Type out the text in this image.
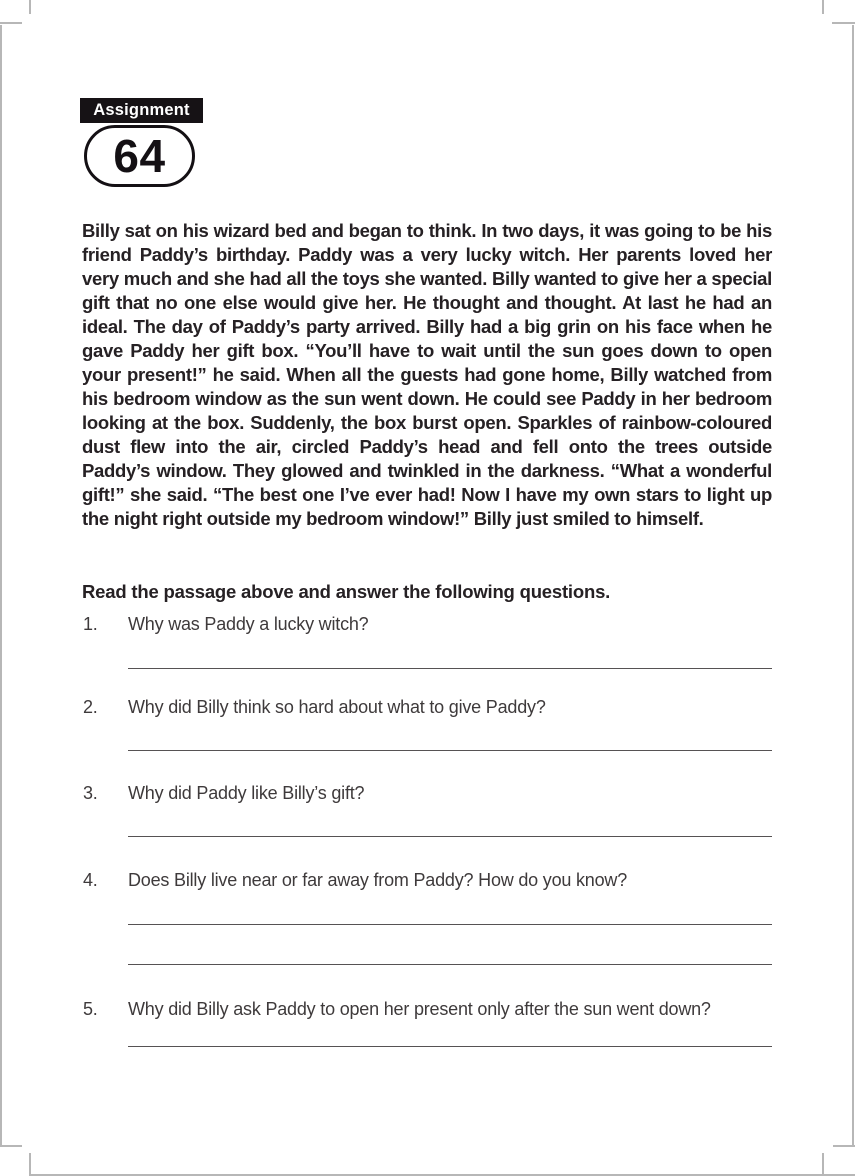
Assignment
64
Billy sat on his wizard bed and began to think. In two days, it was going to be his friend Paddy’s birthday. Paddy was a very lucky witch. Her parents loved her very much and she had all the toys she wanted. Billy wanted to give her a special gift that no one else would give her. He thought and thought. At last he had an ideal. The day of Paddy’s party arrived. Billy had a big grin on his face when he gave Paddy her gift box. “You’ll have to wait until the sun goes down to open your present!” he said. When all the guests had gone home, Billy watched from his bedroom window as the sun went down. He could see Paddy in her bedroom looking at the box. Suddenly, the box burst open. Sparkles of rainbow-coloured dust flew into the air, circled Paddy’s head and fell onto the trees outside Paddy’s window. They glowed and twinkled in the darkness. “What a wonderful gift!” she said. “The best one I’ve ever had! Now I have my own stars to light up the night right outside my bedroom window!” Billy just smiled to himself.
Read the passage above and answer the following questions.
1.	Why was Paddy a lucky witch?
2.	Why did Billy think so hard about what to give Paddy?
3.	Why did Paddy like Billy’s gift?
4.	Does Billy live near or far away from Paddy? How do you know?
5.	Why did Billy ask Paddy to open her present only after the sun went down?
